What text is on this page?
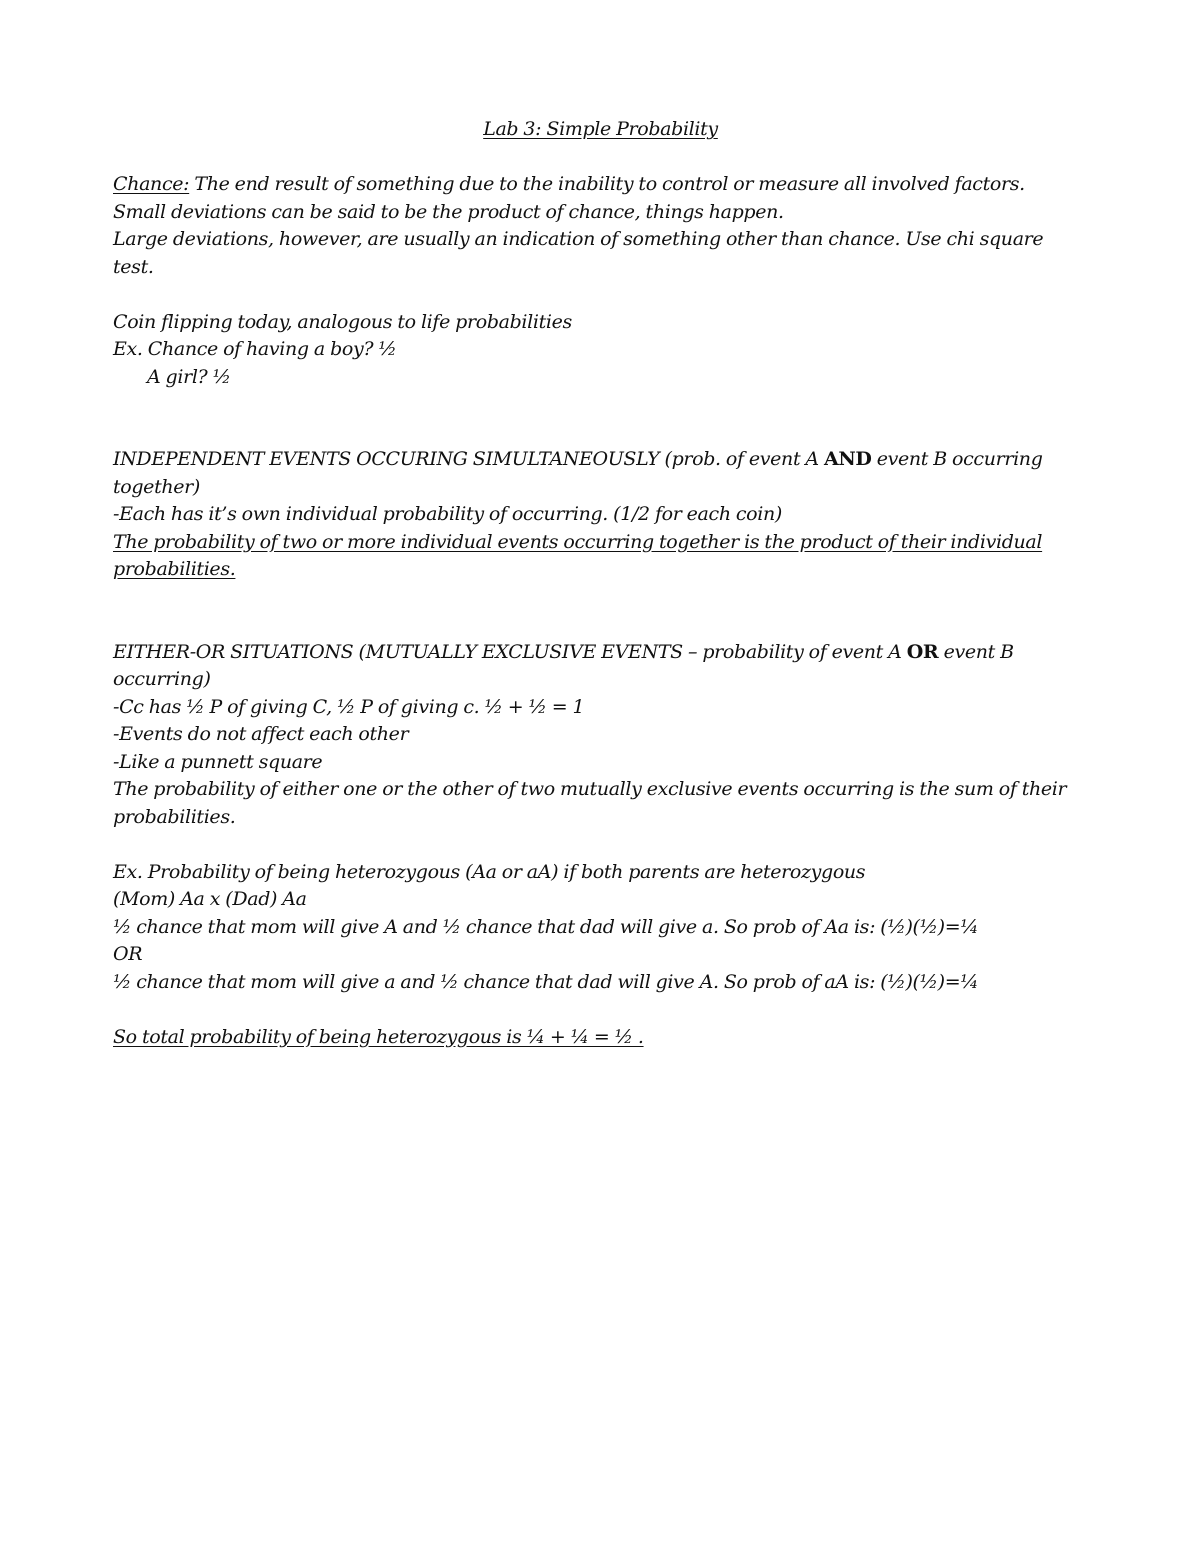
Lab 3: Simple Probability
Chance: The end result of something due to the inability to control or measure all involved factors.
Small deviations can be said to be the product of chance, things happen.
Large deviations, however, are usually an indication of something other than chance. Use chi square test.
Coin flipping today, analogous to life probabilities
Ex. Chance of having a boy? ½
A girl? ½
INDEPENDENT EVENTS OCCURING SIMULTANEOUSLY (prob. of event A AND event B occurring together)
-Each has it’s own individual probability of occurring. (1/2 for each coin)
The probability of two or more individual events occurring together is the product of their individual probabilities.
EITHER-OR SITUATIONS (MUTUALLY EXCLUSIVE EVENTS – probability of event A OR event B occurring)
-Cc has ½ P of giving C, ½ P of giving c. ½ + ½ = 1
-Events do not affect each other
-Like a punnett square
The probability of either one or the other of two mutually exclusive events occurring is the sum of their probabilities.
Ex. Probability of being heterozygous (Aa or aA) if both parents are heterozygous
(Mom) Aa x (Dad) Aa
½ chance that mom will give A and ½ chance that dad will give a. So prob of Aa is: (½)(½)=¼
OR
½ chance that mom will give a and ½ chance that dad will give A. So prob of aA is: (½)(½)=¼
So total probability of being heterozygous is ¼ + ¼ = ½ .
